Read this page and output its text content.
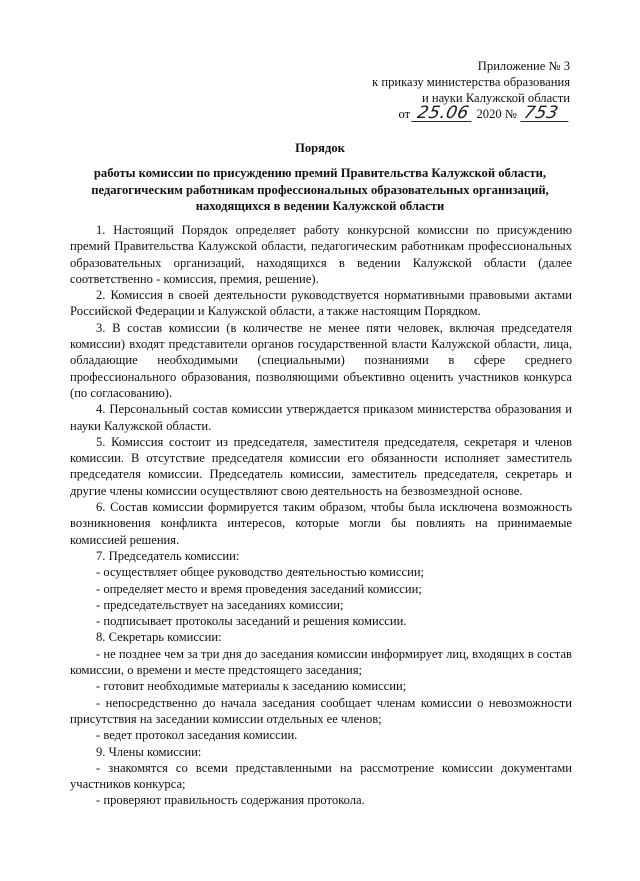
Приложение № 3
к приказу министерства образования
и науки Калужской области
от 25.06 2020 № 753
Порядок
работы комиссии по присуждению премий Правительства Калужской области,
педагогическим работникам профессиональных образовательных организаций,
находящихся в ведении Калужской области

1. Настоящий Порядок определяет работу конкурсной комиссии по присуждению премий Правительства Калужской области, педагогическим работникам профессиональных образовательных организаций, находящихся в ведении Калужской области (далее соответственно - комиссия, премия, решение).

2. Комиссия в своей деятельности руководствуется нормативными правовыми актами Российской Федерации и Калужской области, а также настоящим Порядком.

3. В состав комиссии (в количестве не менее пяти человек, включая председателя комиссии) входят представители органов государственной власти Калужской области, лица, обладающие необходимыми (специальными) познаниями в сфере среднего профессионального образования, позволяющими объективно оценить участников конкурса (по согласованию).

4. Персональный состав комиссии утверждается приказом министерства образования и науки Калужской области.

5. Комиссия состоит из председателя, заместителя председателя, секретаря и членов комиссии. В отсутствие председателя комиссии его обязанности исполняет заместитель председателя комиссии. Председатель комиссии, заместитель председателя, секретарь и другие члены комиссии осуществляют свою деятельность на безвозмездной основе.

6. Состав комиссии формируется таким образом, чтобы была исключена возможность возникновения конфликта интересов, которые могли бы повлиять на принимаемые комиссией решения.

7. Председатель комиссии:

- осуществляет общее руководство деятельностью комиссии;

- определяет место и время проведения заседаний комиссии;

- председательствует на заседаниях комиссии;

- подписывает протоколы заседаний и решения комиссии.

8. Секретарь комиссии:

- не позднее чем за три дня до заседания комиссии информирует лиц, входящих в состав комиссии, о времени и месте предстоящего заседания;

- готовит необходимые материалы к заседанию комиссии;

- непосредственно до начала заседания сообщает членам комиссии о невозможности присутствия на заседании комиссии отдельных ее членов;

- ведет протокол заседания комиссии.

9. Члены комиссии:

- знакомятся со всеми представленными на рассмотрение комиссии документами участников конкурса;

- проверяют правильность содержания протокола.
